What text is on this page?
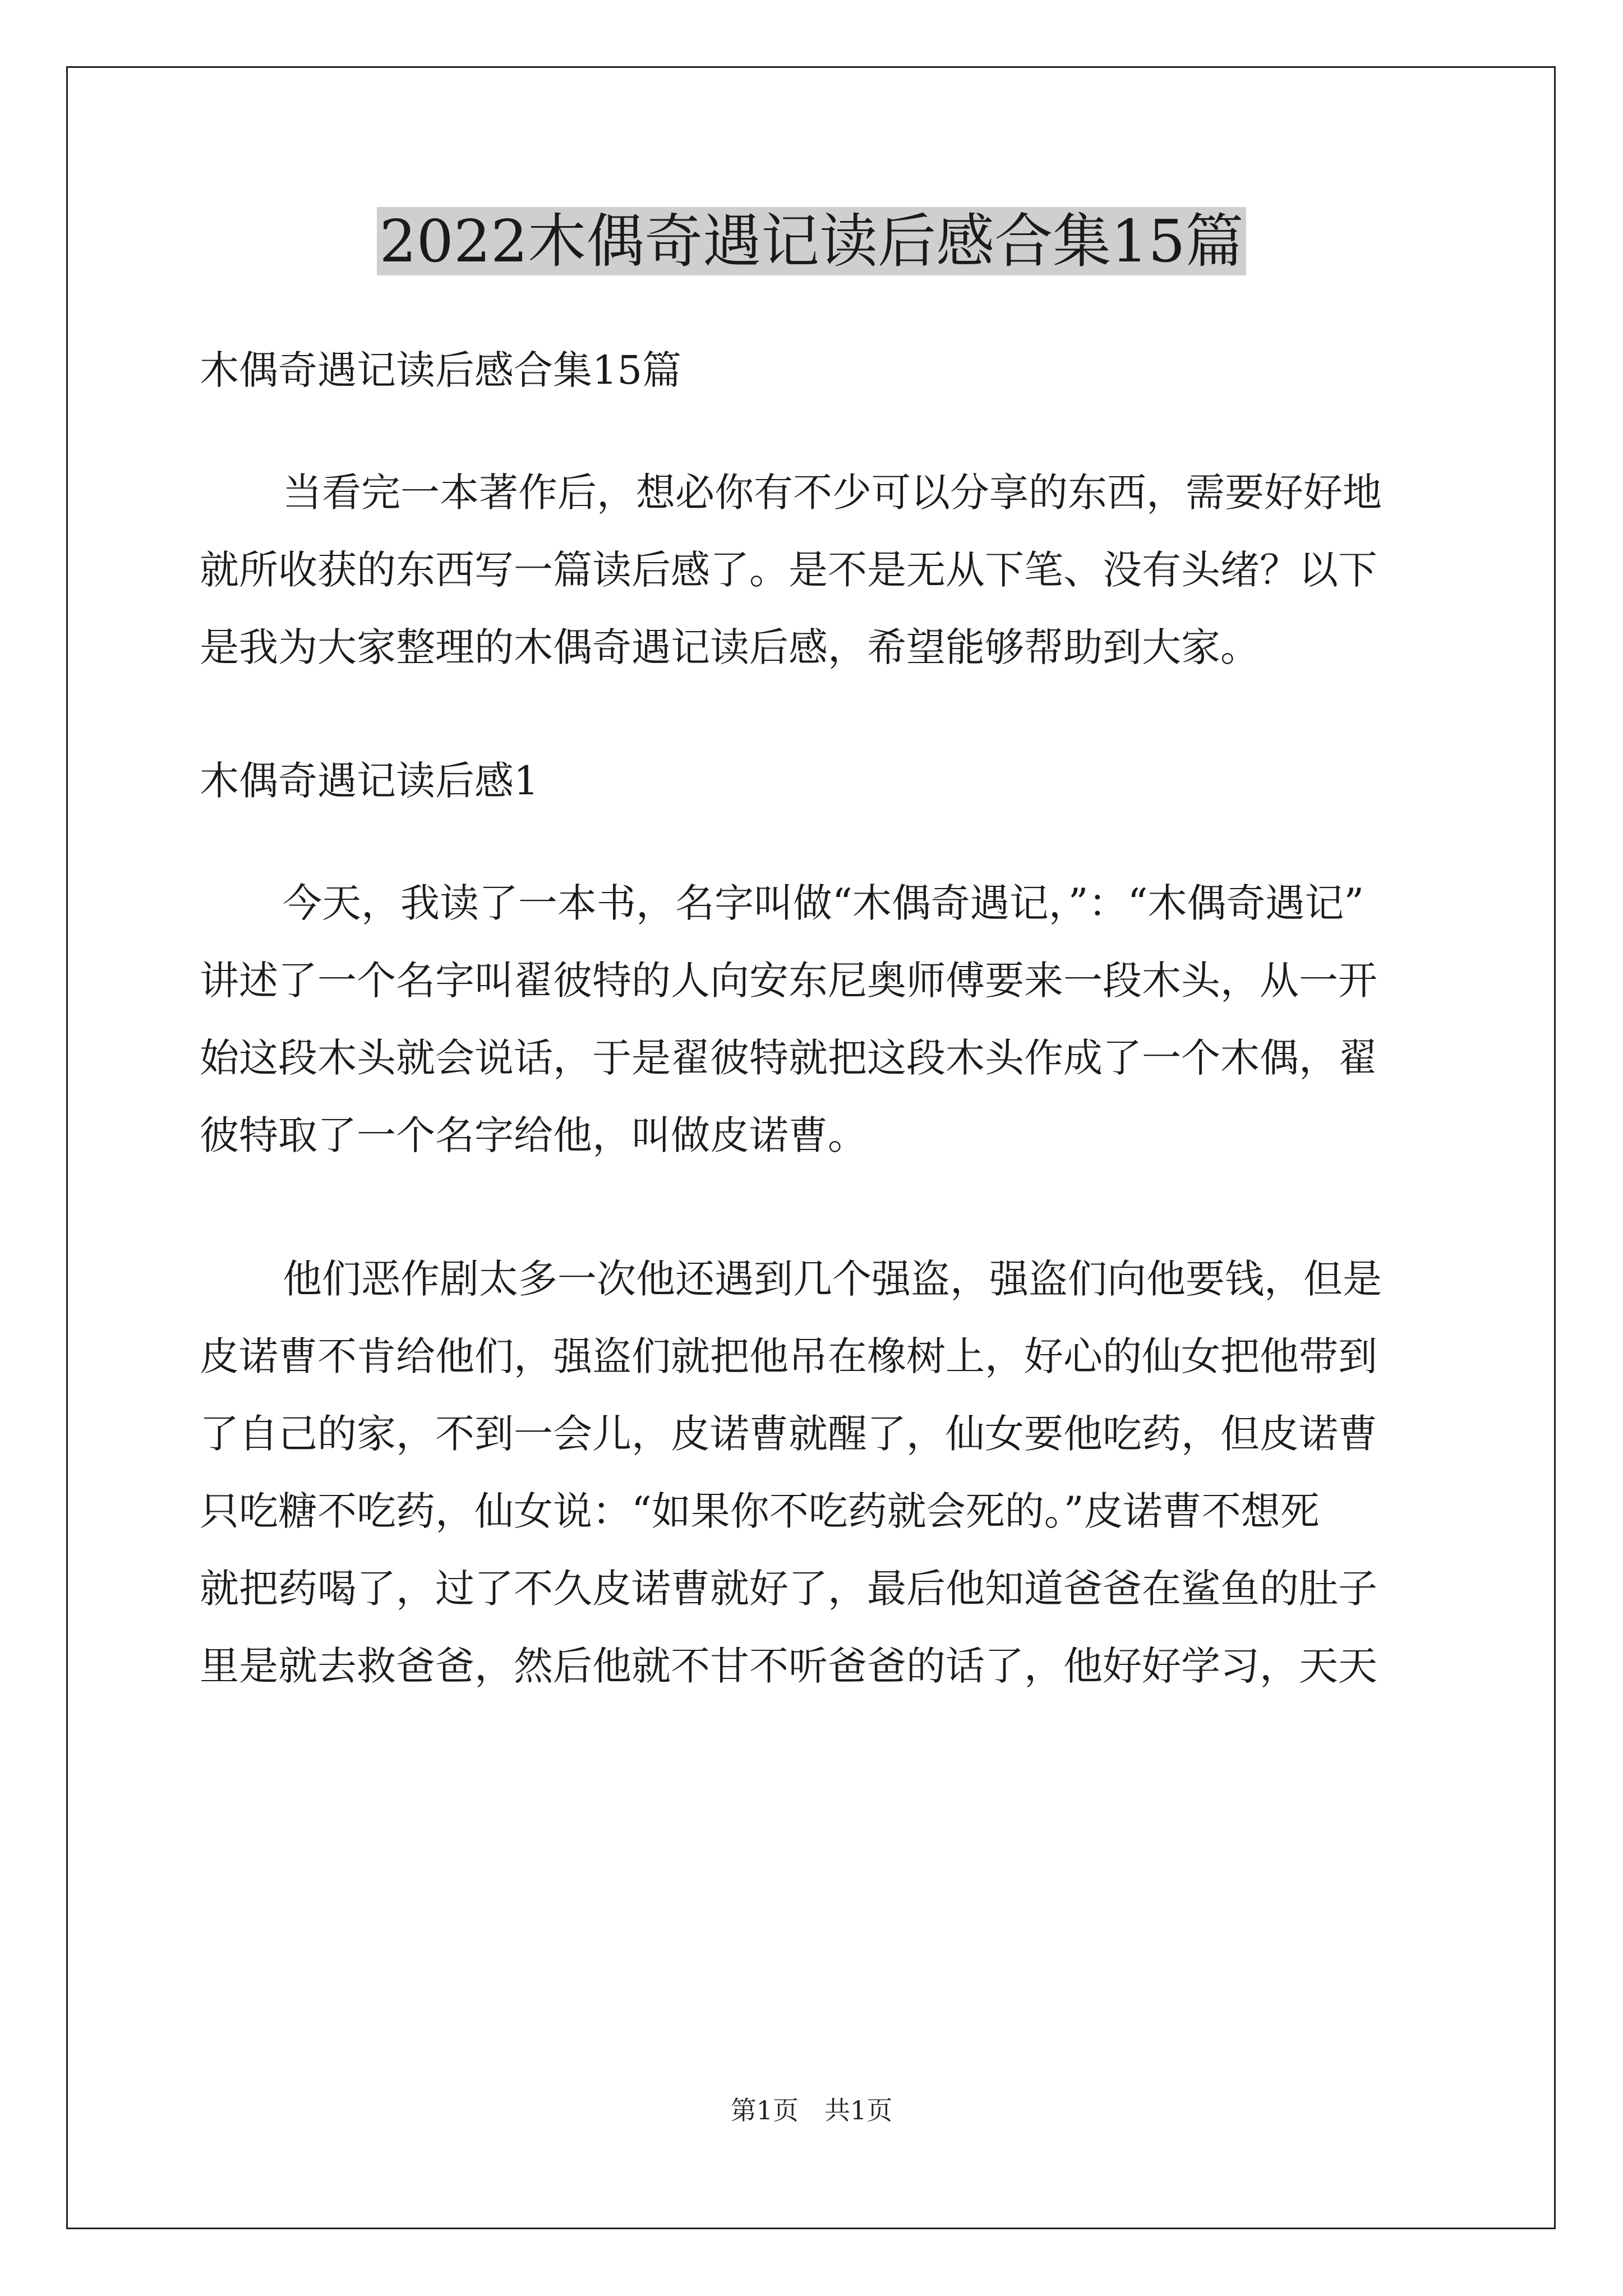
2022木偶奇遇记读后感合集15篇
木偶奇遇记读后感合集15篇
当看完一本著作后，想必你有不少可以分享的东西，需要好好地
就所收获的东西写一篇读后感了。是不是无从下笔、没有头绪？以下
是我为大家整理的木偶奇遇记读后感，希望能够帮助到大家。
木偶奇遇记读后感1
今天，我读了一本书，名字叫做“木偶奇遇记，”：“木偶奇遇记”
讲述了一个名字叫翟彼特的人向安东尼奥师傅要来一段木头，从一开
始这段木头就会说话，于是翟彼特就把这段木头作成了一个木偶，翟
彼特取了一个名字给他，叫做皮诺曹。
他们恶作剧太多一次他还遇到几个强盗，强盗们向他要钱，但是
皮诺曹不肯给他们，强盗们就把他吊在橡树上，好心的仙女把他带到
了自己的家，不到一会儿，皮诺曹就醒了，仙女要他吃药，但皮诺曹
只吃糖不吃药，仙女说：“如果你不吃药就会死的。”皮诺曹不想死
就把药喝了，过了不久皮诺曹就好了，最后他知道爸爸在鲨鱼的肚子
里是就去救爸爸，然后他就不甘不听爸爸的话了，他好好学习，天天
第1页　共1页
